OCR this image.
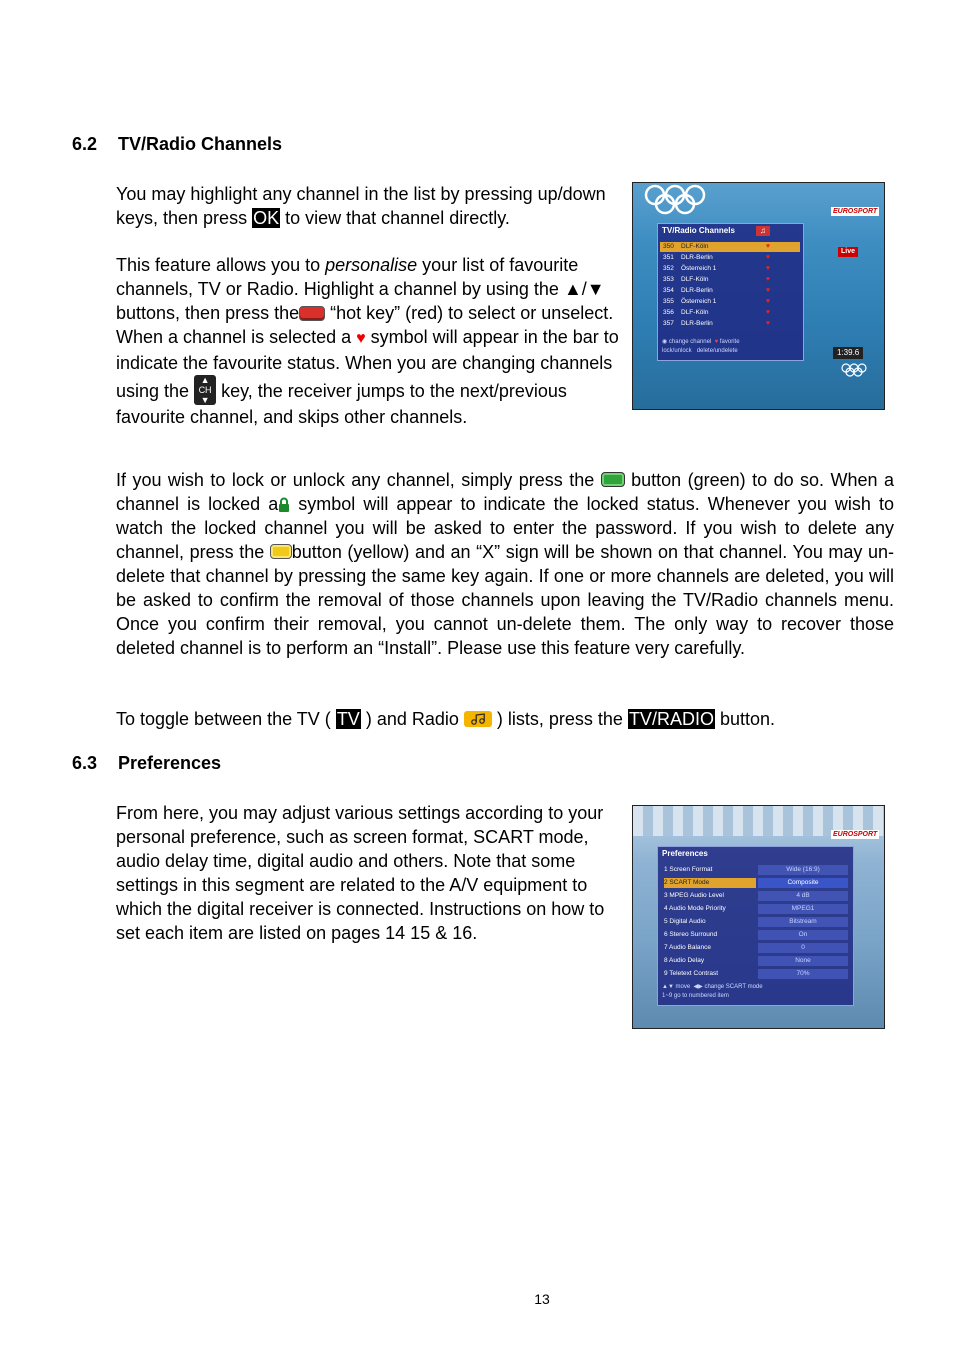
6.2 TV/Radio Channels
You may highlight any channel in the list by pressing up/down keys, then press OK to view that channel directly.
This feature allows you to personalise your list of favourite channels, TV or Radio. Highlight a channel by using the ▲/▼ buttons, then press the “hot key” (red) to select or unselect. When a channel is selected a ♥ symbol will appear in the bar to indicate the favourite status. When you are changing channels using the ▲
CH
▼ key, the receiver jumps to the next/previous favourite channel, and skips other channels.
If you wish to lock or unlock any channel, simply press the  button (green) to do so. When a channel is locked a symbol will appear to indicate the locked status. Whenever you wish to watch the locked channel you will be asked to enter the password. If you wish to delete any channel, press the button (yellow) and an “X” sign will be shown on that channel. You may un-delete that channel by pressing the same key again. If one or more channels are deleted, you will be asked to confirm the removal of those channels upon leaving the TV/Radio channels menu. Once you confirm their removal, you cannot un-delete them. The only way to recover those deleted channel is to perform an “Install”. Please use this feature very carefully.
To toggle between the TV ( TV ) and Radio
) lists, press the TV/RADIO button.
6.3 Preferences
From here, you may adjust various settings according to your personal preference, such as screen format, SCART mode, audio delay time, digital audio and others. Note that some settings in this segment are related to the A/V equipment to which the digital receiver is connected. Instructions on how to set each item are listed on pages 14 15 & 16.
EUROSPORT
Live
TV/Radio Channels	♫
350 DLF-Köln	♥
351 DLR-Berlin	♥
352 Österreich 1	♥
353 DLF-Köln	♥
354 DLR-Berlin	♥
355 Österreich 1	♥
356 DLF-Köln	♥
357 DLR-Berlin	♥
◉ change channel ♥ favorite
lock/unlock delete/undelete	1:39.6
EUROSPORT
Preferences
1 Screen Format	Wide (16:9)
2 SCART Mode	Composite
3 MPEG Audio Level	4 dB
4 Audio Mode Priority	MPEG1
5 Digital Audio	Bitstream
6 Stereo Surround	On
7 Audio Balance	0
8 Audio Delay	None
9 Teletext Contrast	70%
▲▼ move  ◀▶ change SCART mode
1~9 go to numbered item
13
